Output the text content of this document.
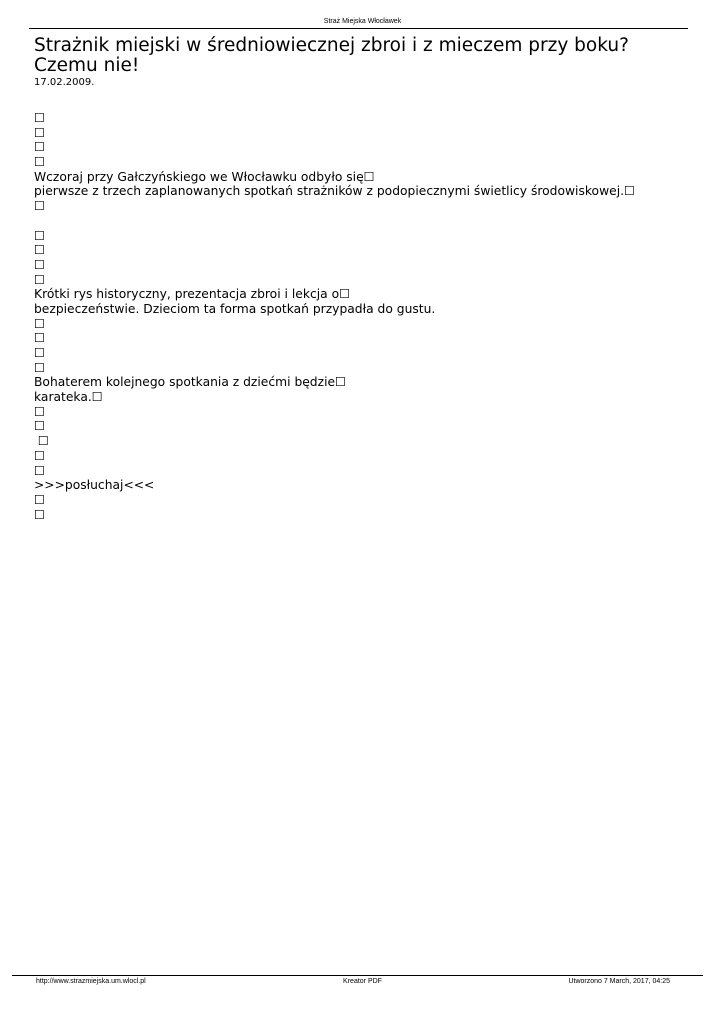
Straż Miejska Włocławek
Strażnik miejski w średniowiecznej zbroi i z mieczem przy boku? Czemu nie!
17.02.2009.
☐
☐
☐
☐
Wczoraj przy Gałczyńskiego we Włocławku odbyło się☐
pierwsze z trzech zaplanowanych spotkań strażników z podopiecznymi świetlicy środowiskowej.☐
☐
☐
☐
☐
☐
Krótki rys historyczny, prezentacja zbroi i lekcja o☐
bezpieczeństwie. Dzieciom ta forma spotkań przypadła do gustu.
☐
☐
☐
☐
Bohaterem kolejnego spotkania z dziećmi będzie☐
karateka.☐
☐
☐
☐
☐
☐
>>>posłuchaj<<<
☐
☐
http://www.strazmiejska.um.wlocl.pl	Kreator PDF	Utworzono 7 March, 2017, 04:25
